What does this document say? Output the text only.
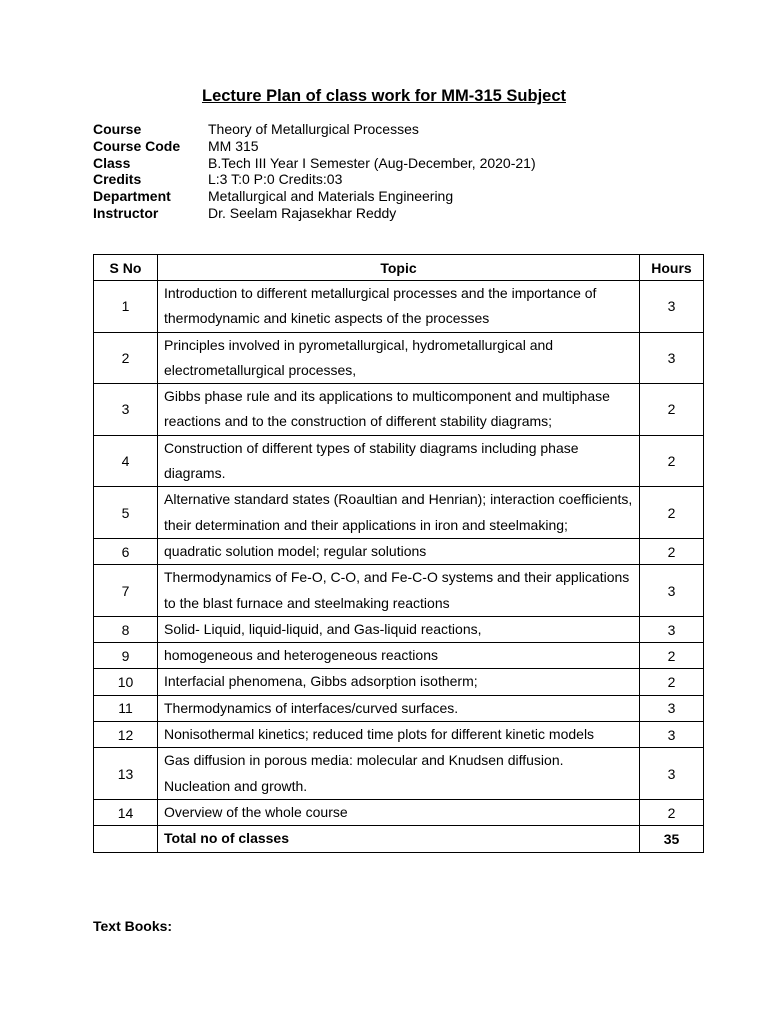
Lecture Plan of class work for MM-315 Subject
Course	Theory of Metallurgical Processes
Course Code	MM 315
Class	B.Tech III Year I Semester (Aug-December, 2020-21)
Credits	L:3 T:0 P:0 Credits:03
Department	Metallurgical and Materials Engineering
Instructor	Dr. Seelam Rajasekhar Reddy
S No	Topic	Hours
1	Introduction to different metallurgical processes and the importance of thermodynamic and kinetic aspects of the processes	3
2	Principles involved in pyrometallurgical, hydrometallurgical and electrometallurgical processes,	3
3	Gibbs phase rule and its applications to multicomponent and multiphase reactions and to the construction of different stability diagrams;	2
4	Construction of different types of stability diagrams including phase diagrams.	2
5	Alternative standard states (Roaultian and Henrian); interaction coefficients, their determination and their applications in iron and steelmaking;	2
6	quadratic solution model; regular solutions	2
7	Thermodynamics of Fe-O, C-O, and Fe-C-O systems and their applications to the blast furnace and steelmaking reactions	3
8	Solid- Liquid, liquid-liquid, and Gas-liquid reactions,	3
9	homogeneous and heterogeneous reactions	2
10	Interfacial phenomena, Gibbs adsorption isotherm;	2
11	Thermodynamics of interfaces/curved surfaces.	3
12	Nonisothermal kinetics; reduced time plots for different kinetic models	3
13	Gas diffusion in porous media: molecular and Knudsen diffusion. Nucleation and growth.	3
14	Overview of the whole course	2
	Total no of classes	35
Text Books:
